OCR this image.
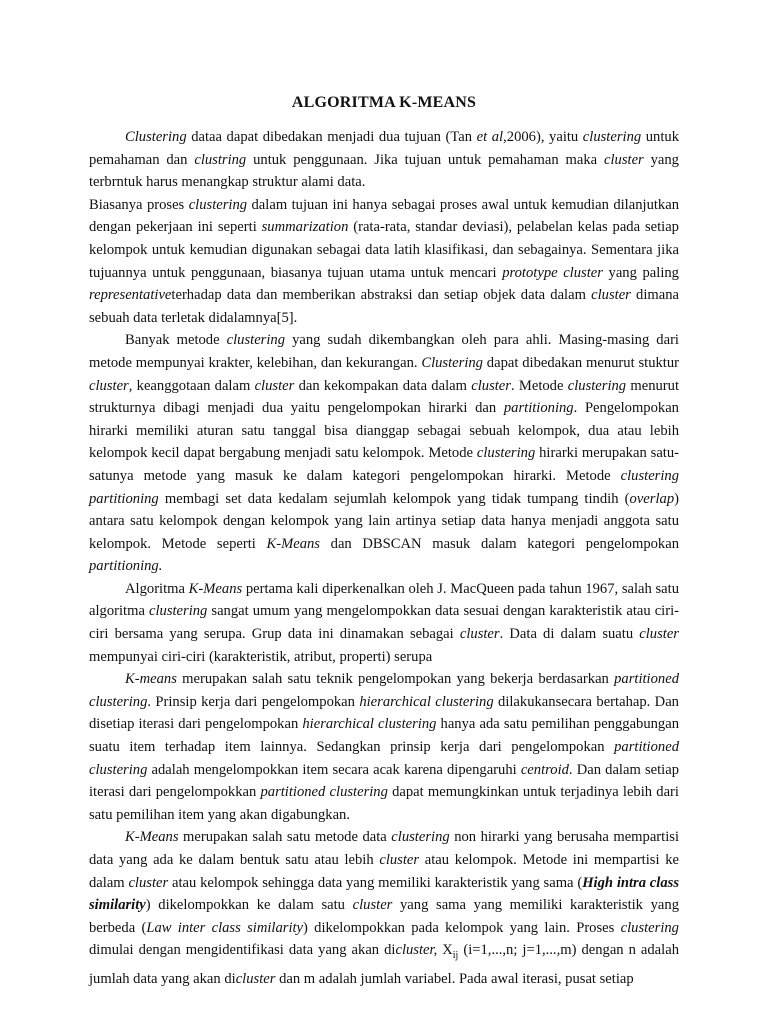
ALGORITMA K-MEANS

Clustering dataa dapat dibedakan menjadi dua tujuan (Tan et al,2006), yaitu clustering untuk pemahaman dan clustring untuk penggunaan. Jika tujuan untuk pemahaman maka cluster yang terbrntuk harus menangkap struktur alami data.

Biasanya proses clustering dalam tujuan ini hanya sebagai proses awal untuk kemudian dilanjutkan dengan pekerjaan ini seperti summarization (rata-rata, standar deviasi), pelabelan kelas pada setiap kelompok untuk kemudian digunakan sebagai data latih klasifikasi, dan sebagainya. Sementara jika tujuannya untuk penggunaan, biasanya tujuan utama untuk mencari prototype cluster yang paling representativeterhadap data dan memberikan abstraksi dan setiap objek data dalam cluster dimana sebuah data terletak didalamnya[5].

Banyak metode clustering yang sudah dikembangkan oleh para ahli. Masing-masing dari metode mempunyai krakter, kelebihan, dan kekurangan. Clustering dapat dibedakan menurut stuktur cluster, keanggotaan dalam cluster dan kekompakan data dalam cluster. Metode clustering menurut strukturnya dibagi menjadi dua yaitu pengelompokan hirarki dan partitioning. Pengelompokan hirarki memiliki aturan satu tanggal bisa dianggap sebagai sebuah kelompok, dua atau lebih kelompok kecil dapat bergabung menjadi satu kelompok. Metode clustering hirarki merupakan satu-satunya metode yang masuk ke dalam kategori pengelompokan hirarki. Metode clustering partitioning membagi set data kedalam sejumlah kelompok yang tidak tumpang tindih (overlap) antara satu kelompok dengan kelompok yang lain artinya setiap data hanya menjadi anggota satu kelompok. Metode seperti K-Means dan DBSCAN masuk dalam kategori pengelompokan partitioning.

Algoritma K-Means pertama kali diperkenalkan oleh J. MacQueen pada tahun 1967, salah satu algoritma clustering sangat umum yang mengelompokkan data sesuai dengan karakteristik atau ciri-ciri bersama yang serupa. Grup data ini dinamakan sebagai cluster. Data di dalam suatu cluster mempunyai ciri-ciri (karakteristik, atribut, properti) serupa

K-means merupakan salah satu teknik pengelompokan yang bekerja berdasarkan partitioned clustering. Prinsip kerja dari pengelompokan hierarchical clustering dilakukansecara bertahap. Dan disetiap iterasi dari pengelompokan hierarchical clustering hanya ada satu pemilihan penggabungan suatu item terhadap item lainnya. Sedangkan prinsip kerja dari pengelompokan partitioned clustering adalah mengelompokkan item secara acak karena dipengaruhi centroid. Dan dalam setiap iterasi dari pengelompokkan partitioned clustering dapat memungkinkan untuk terjadinya lebih dari satu pemilihan item yang akan digabungkan.

K-Means merupakan salah satu metode data clustering non hirarki yang berusaha mempartisi data yang ada ke dalam bentuk satu atau lebih cluster atau kelompok. Metode ini mempartisi ke dalam cluster atau kelompok sehingga data yang memiliki karakteristik yang sama (High intra class similarity) dikelompokkan ke dalam satu cluster yang sama yang memiliki karakteristik yang berbeda (Law inter class similarity) dikelompokkan pada kelompok yang lain. Proses clustering dimulai dengan mengidentifikasi data yang akan dicluster, $X_{ij}$ (i=1,...,n; j=1,...,m) dengan n adalah jumlah data yang akan dicluster dan m adalah jumlah variabel. Pada awal iterasi, pusat setiap
